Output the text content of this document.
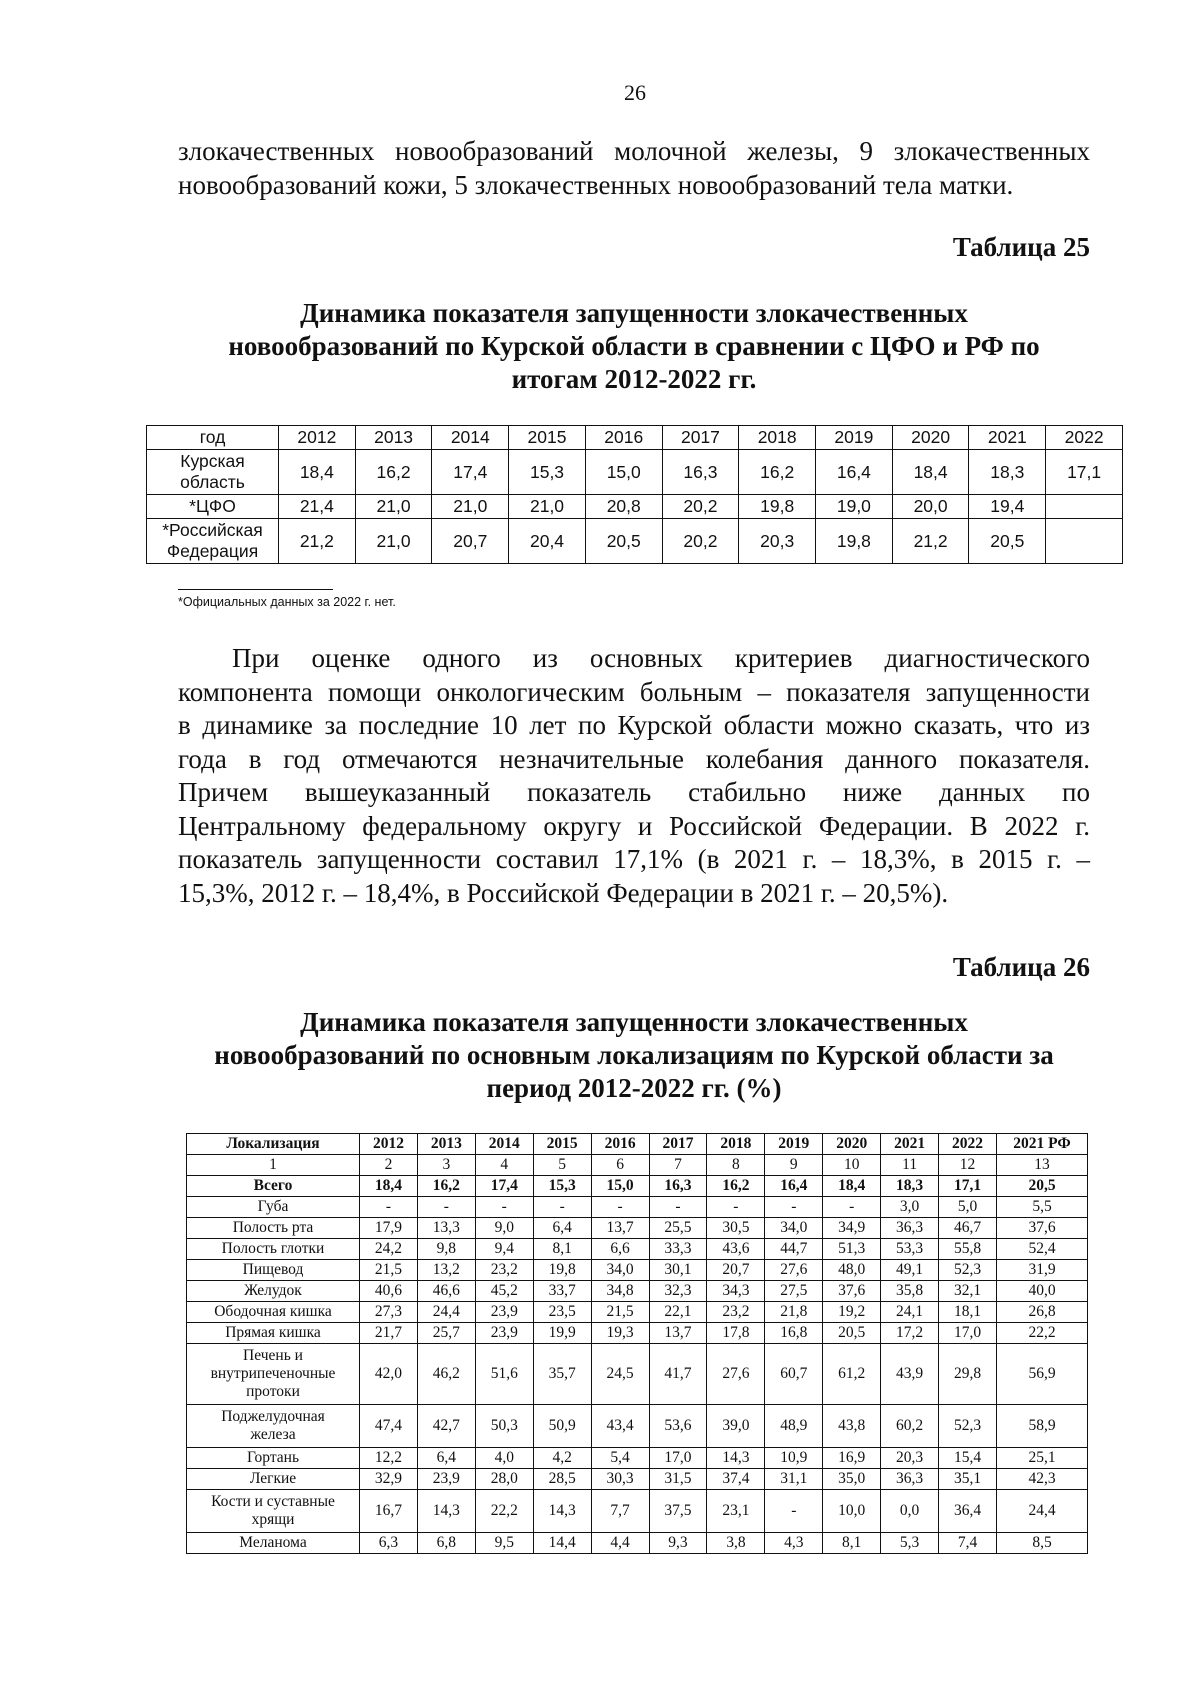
26
злокачественных новообразований молочной железы, 9 злокачественных
новообразований кожи, 5 злокачественных новообразований тела матки.
Таблица 25
Динамика показателя запущенности злокачественных
новообразований по Курской области в сравнении с ЦФО и РФ по
итогам 2012-2022 гг.
год	2012	2013	2014	2015	2016	2017	2018	2019	2020	2021	2022

Курская
область	18,4	16,2	17,4	15,3	15,0	16,3	16,2	16,4	18,4	18,3	17,1
*ЦФО	21,4	21,0	21,0	21,0	20,8	20,2	19,8	19,0	20,0	19,4	

*Российская
Федерация	21,2	21,0	20,7	20,4	20,5	20,2	20,3	19,8	21,2	20,5	
*Официальных данных за 2022 г. нет.
При оценке одного из основных критериев диагностического
компонента помощи онкологическим больным – показателя запущенности
в динамике за последние 10 лет по Курской области можно сказать, что из
года в год отмечаются незначительные колебания данного показателя.
Причем вышеуказанный показатель стабильно ниже данных по
Центральному федеральному округу и Российской Федерации. В 2022 г.
показатель запущенности составил 17,1% (в 2021 г. – 18,3%, в 2015 г. –
15,3%, 2012 г. – 18,4%, в Российской Федерации в 2021 г. – 20,5%).
Таблица 26
Динамика показателя запущенности злокачественных
новообразований по основным локализациям по Курской области за
период 2012-2022 гг. (%)
Локализация	2012	2013	2014	2015	2016	2017	2018	2019	2020	2021	2022	2021 РФ
1	2	3	4	5	6	7	8	9	10	11	12	13

Всего	18,4	16,2	17,4	15,3	15,0	16,3	16,2	16,4	18,4	18,3	17,1	20,5

Губа	-	-	-	-	-	-	-	-	-	3,0	5,0	5,5

Полость рта	17,9	13,3	9,0	6,4	13,7	25,5	30,5	34,0	34,9	36,3	46,7	37,6

Полость глотки	24,2	9,8	9,4	8,1	6,6	33,3	43,6	44,7	51,3	53,3	55,8	52,4

Пищевод	21,5	13,2	23,2	19,8	34,0	30,1	20,7	27,6	48,0	49,1	52,3	31,9

Желудок	40,6	46,6	45,2	33,7	34,8	32,3	34,3	27,5	37,6	35,8	32,1	40,0

Ободочная кишка	27,3	24,4	23,9	23,5	21,5	22,1	23,2	21,8	19,2	24,1	18,1	26,8

Прямая кишка	21,7	25,7	23,9	19,9	19,3	13,7	17,8	16,8	20,5	17,2	17,0	22,2

Печень и
внутрипеченочные
протоки	42,0	46,2	51,6	35,7	24,5	41,7	27,6	60,7	61,2	43,9	29,8	56,9

Поджелудочная
железа	47,4	42,7	50,3	50,9	43,4	53,6	39,0	48,9	43,8	60,2	52,3	58,9

Гортань	12,2	6,4	4,0	4,2	5,4	17,0	14,3	10,9	16,9	20,3	15,4	25,1

Легкие	32,9	23,9	28,0	28,5	30,3	31,5	37,4	31,1	35,0	36,3	35,1	42,3

Кости и суставные
хрящи	16,7	14,3	22,2	14,3	7,7	37,5	23,1	-	10,0	0,0	36,4	24,4

Меланома	6,3	6,8	9,5	14,4	4,4	9,3	3,8	4,3	8,1	5,3	7,4	8,5
